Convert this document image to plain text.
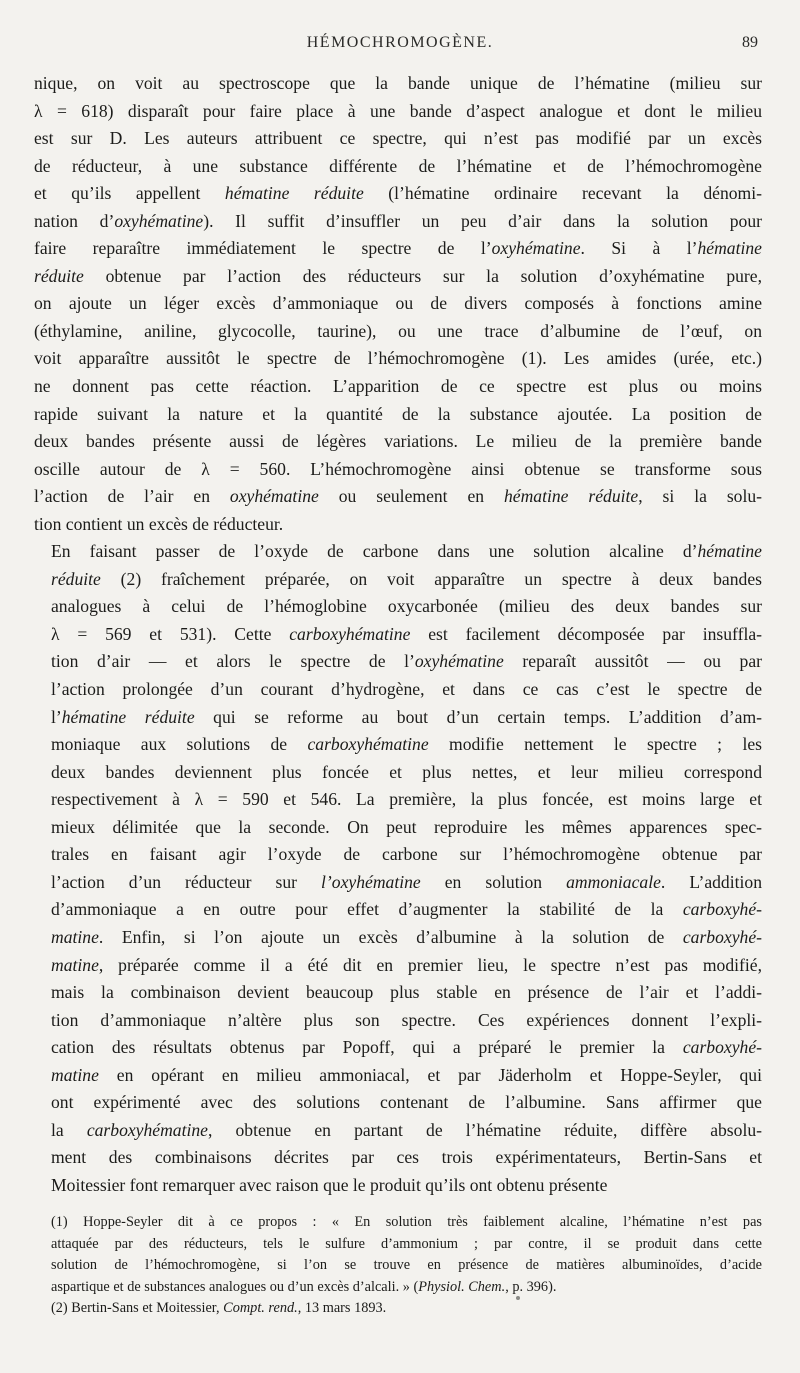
HÉMOCHROMOGÈNE.	89

nique, on voit au spectroscope que la bande unique de l’hématine (milieu sur
λ = 618) disparaît pour faire place à une bande d’aspect analogue et dont le milieu
est sur D. Les auteurs attribuent ce spectre, qui n’est pas modifié par un excès
de réducteur, à une substance différente de l’hématine et de l’hémochromogène
et qu’ils appellent hématine réduite (l’hématine ordinaire recevant la dénomi-
nation d’oxyhématine). Il suffit d’insuffler un peu d’air dans la solution pour
faire reparaître immédiatement le spectre de l’oxyhématine. Si à l’hématine
réduite obtenue par l’action des réducteurs sur la solution d’oxyhématine pure,
on ajoute un léger excès d’ammoniaque ou de divers composés à fonctions amine
(éthylamine, aniline, glycocolle, taurine), ou une trace d’albumine de l’œuf, on
voit apparaître aussitôt le spectre de l’hémochromogène (1). Les amides (urée, etc.)
ne donnent pas cette réaction. L’apparition de ce spectre est plus ou moins
rapide suivant la nature et la quantité de la substance ajoutée. La position de
deux bandes présente aussi de légères variations. Le milieu de la première bande
oscille autour de λ = 560. L’hémochromogène ainsi obtenue se transforme sous
l’action de l’air en oxyhématine ou seulement en hématine réduite, si la solu-
tion contient un excès de réducteur.

En faisant passer de l’oxyde de carbone dans une solution alcaline d’hématine
réduite (2) fraîchement préparée, on voit apparaître un spectre à deux bandes
analogues à celui de l’hémoglobine oxycarbonée (milieu des deux bandes sur
λ = 569 et 531). Cette carboxyhématine est facilement décomposée par insuffla-
tion d’air — et alors le spectre de l’oxyhématine reparaît aussitôt — ou par
l’action prolongée d’un courant d’hydrogène, et dans ce cas c’est le spectre de
l’hématine réduite qui se reforme au bout d’un certain temps. L’addition d’am-
moniaque aux solutions de carboxyhématine modifie nettement le spectre ; les
deux bandes deviennent plus foncée et plus nettes, et leur milieu correspond
respectivement à λ = 590 et 546. La première, la plus foncée, est moins large et
mieux délimitée que la seconde. On peut reproduire les mêmes apparences spec-
trales en faisant agir l’oxyde de carbone sur l’hémochromogène obtenue par
l’action d’un réducteur sur l’oxyhématine en solution ammoniacale. L’addition
d’ammoniaque a en outre pour effet d’augmenter la stabilité de la carboxyhé-
matine. Enfin, si l’on ajoute un excès d’albumine à la solution de carboxyhé-
matine, préparée comme il a été dit en premier lieu, le spectre n’est pas modifié,
mais la combinaison devient beaucoup plus stable en présence de l’air et l’addi-
tion d’ammoniaque n’altère plus son spectre. Ces expériences donnent l’expli-
cation des résultats obtenus par Popoff, qui a préparé le premier la carboxyhé-
matine en opérant en milieu ammoniacal, et par Jäderholm et Hoppe-Seyler, qui
ont expérimenté avec des solutions contenant de l’albumine. Sans affirmer que
la carboxyhématine, obtenue en partant de l’hématine réduite, diffère absolu-
ment des combinaisons décrites par ces trois expérimentateurs, Bertin-Sans et
Moitessier font remarquer avec raison que le produit qu’ils ont obtenu présente

(1) Hoppe-Seyler dit à ce propos : « En solution très faiblement alcaline, l’hématine n’est pas
attaquée par des réducteurs, tels le sulfure d’ammonium ; par contre, il se produit dans cette
solution de l’hémochromogène, si l’on se trouve en présence de matières albuminoïdes, d’acide
aspartique et de substances analogues ou d’un excès d’alcali. » (Physiol. Chem., p. 396).
(2) Bertin-Sans et Moitessier, Compt. rend., 13 mars 1893.
